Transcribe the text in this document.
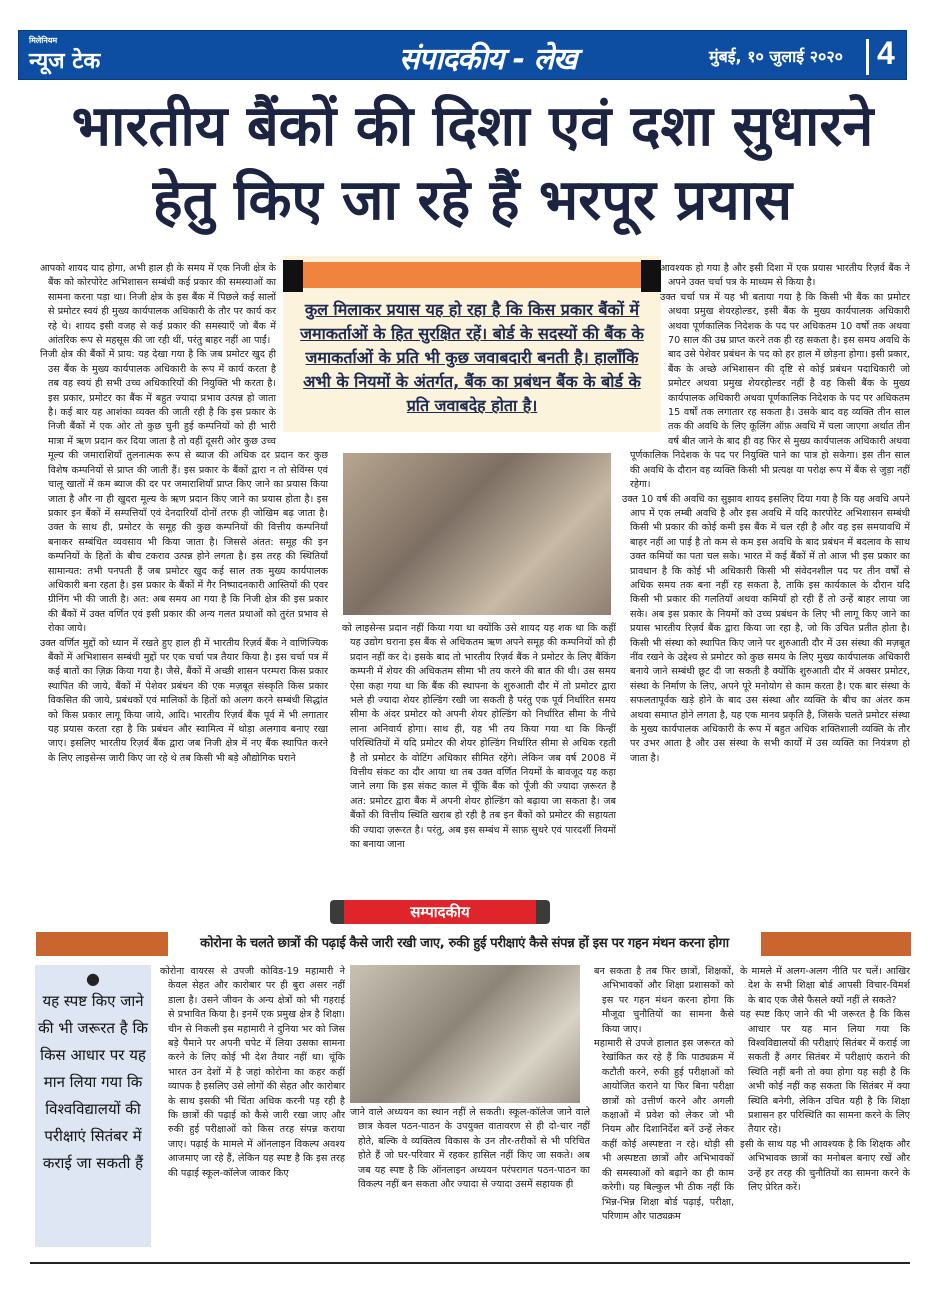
मिलेनियम
न्यूज टेक	संपादकीय - लेख	मुंबई, १० जुलाई २०२० 4
भारतीय बैंकों की दिशा एवं दशा सुधारने
हेतु किए जा रहे हैं भरपूर प्रयास

आपको शायद याद होगा, अभी हाल ही के समय में एक निजी क्षेत्र के बैंक को कोरपोरेट अभिशासन सम्बंधी कई प्रकार की समस्याओं का सामना करना पड़ा था। निजी क्षेत्र के इस बैंक में पिछले कई सालों से प्रमोटर स्वयं ही मुख्य कार्यपालक अधिकारी के तौर पर कार्य कर रहे थे। शायद इसी वजह से कई प्रकार की समस्याएँ जो बैंक में आंतरिक रूप से महसूस की जा रही थीं, परंतु बाहर नहीं आ पाईं।

निजी क्षेत्र की बैंकों में प्राय: यह देखा गया है कि जब प्रमोटर खुद ही उस बैंक के मुख्य कार्यपालक अधिकारी के रूप में कार्य करता है तब वह स्वयं ही सभी उच्च अधिकारियों की नियुक्ति भी करता है। इस प्रकार, प्रमोटर का बैंक में बहुत ज्यादा प्रभाव उत्पन्न हो जाता है। कई बार यह आशंका व्यक्त की जाती रही है कि इस प्रकार के निजी बैंकों में एक ओर तो कुछ चुनी हुई कम्पनियों को ही भारी मात्रा में ऋण प्रदान कर दिया जाता है तो वहीं दूसरी ओर कुछ उच्च मूल्य की जमाराशियाँ तुलनात्मक रूप से ब्याज की अधिक दर प्रदान कर कुछ विशेष कम्पनियों से प्राप्त की जाती हैं। इस प्रकार के बैंकों द्वारा न तो सेविंग्स एवं चालू खातों में कम ब्याज की दर पर जमाराशियाँ प्राप्त किए जाने का प्रयास किया जाता है और ना ही खुदरा मूल्य के ऋण प्रदान किए जाने का प्रयास होता है। इस प्रकार इन बैंकों में सम्पत्तियाँ एवं देनदारियाँ दोनों तरफ ही जोखिम बढ़ जाता है। उक्त के साथ ही, प्रमोटर के समूह की कुछ कम्पनियों की वित्तीय कम्पनियाँ बनाकर सम्बंधित व्यवसाय भी किया जाता है। जिससे अंतत: समूह की इन कम्पनियों के हितों के बीच टकराव उत्पन्न होने लगता है। इस तरह की स्थितियाँ सामान्यत: तभी पनपती हैं जब प्रमोटर खुद कई साल तक मुख्य कार्यपालक अधिकारी बना रहता है। इस प्रकार के बैंकों में गैर निष्पादनकारी आस्तियों की एवर ग्रीनिंग भी की जाती है। अत: अब समय आ गया है कि निजी क्षेत्र की इस प्रकार की बैंकों में उक्त वर्णित एवं इसी प्रकार की अन्य गलत प्रथाओं को तुरंत प्रभाव से रोका जाये।

उक्त वर्णित मुद्दों को ध्यान में रखते हुए हाल ही में भारतीय रिज़र्व बैंक ने वाणिज्यिक बैंकों में अभिशासन सम्बंधी मुद्दों पर एक चर्चा पत्र तैयार किया है। इस चर्चा पत्र में कई बातों का ज़िक्र किया गया है। जैसे, बैंकों में अच्छी शासन परम्परा किस प्रकार स्थापित की जाये, बैंकों में पेशेवर प्रबंधन की एक मज़बूत संस्कृति किस प्रकार विकसित की जाये, प्रबंधकों एवं मालिकों के हितों को अलग करने सम्बंधी सिद्धांत को किस प्रकार लागू किया जाये, आदि। भारतीय रिज़र्व बैंक पूर्व में भी लगातार यह प्रयास करता रहा है कि प्रबंधन और स्वामित्व में थोड़ा अलगाव बनाए रखा जाए। इसलिए भारतीय रिज़र्व बैंक द्वारा जब निजी क्षेत्र में नए बैंक स्थापित करने के लिए लाइसेन्स जारी किए जा रहे थे तब किसी भी बड़े औद्योगिक घराने

कुल मिलाकर प्रयास यह हो रहा है कि किस प्रकार बैंकों में जमाकर्ताओं के हित सुरक्षित रहें। बोर्ड के सदस्यों की बैंक के जमाकर्ताओं के प्रति भी कुछ जवाबदारी बनती है। हालाँकि अभी के नियमों के अंतर्गत, बैंक का प्रबंधन बैंक के बोर्ड के प्रति जवाबदेह होता है।

को लाइसेन्स प्रदान नहीं किया गया था क्योंकि उसे शायद यह शक था कि कहीं यह उद्योग घराना इस बैंक से अधिकतम ऋण अपने समूह की कम्पनियों को ही प्रदान नहीं कर दे। इसके बाद तो भारतीय रिज़र्व बैंक ने प्रमोटर के लिए बैंकिंग कम्पनी में शेयर की अधिकतम सीमा भी तय करने की बात की थी। उस समय ऐसा कहा गया था कि बैंक की स्थापना के शुरुआती दौर में तो प्रमोटर द्वारा भले ही ज्यादा शेयर होल्डिंग रखी जा सकती है परंतु एक पूर्व निर्धारित समय सीमा के अंदर प्रमोटर को अपनी शेयर होल्डिंग को निर्धारित सीमा के नीचे लाना अनिवार्य होगा। साथ ही, यह भी तय किया गया था कि किन्हीं परिस्थितियों में यदि प्रमोटर की शेयर होल्डिंग निर्धारित सीमा से अधिक रहती है तो प्रमोटर के वोटिंग अधिकार सीमित रहेंगे। लेकिन जब वर्ष 2008 में वित्तीय संकट का दौर आया था तब उक्त वर्णित नियमों के बावजूद यह कहा जाने लगा कि इस संकट काल में चूँकि बैंक को पूँजी की ज्यादा ज़रूरत है अत: प्रमोटर द्वारा बैंक में अपनी शेयर होल्डिंग को बढ़ाया जा सकता है। जब बैंकों की वित्तीय स्थिति खराब हो रही है तब इन बैंकों को प्रमोटर की सहायता की ज्यादा ज़रूरत है। परंतु, अब इस सम्बंध में साफ़ सुथरे एवं पारदर्शी नियमों का बनाया जाना

आवश्यक हो गया है और इसी दिशा में एक प्रयास भारतीय रिज़र्व बैंक ने अपने उक्त चर्चा पत्र के माध्यम से किया है।

उक्त चर्चा पत्र में यह भी बताया गया है कि किसी भी बैंक का प्रमोटर अथवा प्रमुख शेयरहोल्डर, इसी बैंक के मुख्य कार्यपालक अधिकारी अथवा पूर्णकालिक निदेशक के पद पर अधिकतम 10 वर्षों तक अथवा 70 साल की उम्र प्राप्त करने तक ही रह सकता है। इस समय अवधि के बाद उसे पेशेवर प्रबंधन के पद को हर हाल में छोड़ना होगा। इसी प्रकार, बैंक के अच्छे अभिशासन की दृष्टि से कोई प्रबंधन पदाधिकारी जो प्रमोटर अथवा प्रमुख शेयरहोल्डर नहीं है वह किसी बैंक के मुख्य कार्यपालक अधिकारी अथवा पूर्णकालिक निदेशक के पद पर अधिकतम 15 वर्षों तक लगातार रह सकता है। उसके बाद वह व्यक्ति तीन साल तक की अवधि के लिए कूलिंग ऑफ़ अवधि में चला जाएगा अर्थात तीन वर्ष बीत जाने के बाद ही वह फिर से मुख्य कार्यपालक अधिकारी अथवा पूर्णकालिक निदेशक के पद पर नियुक्ति पाने का पात्र हो सकेगा। इस तीन साल की अवधि के दौरान वह व्यक्ति किसी भी प्रत्यक्ष या परोक्ष रूप में बैंक से जुड़ा नहीं रहेगा।

उक्त 10 वर्ष की अवधि का सुझाव शायद इसलिए दिया गया है कि यह अवधि अपने आप में एक लम्बी अवधि है और इस अवधि में यदि कारपोरेट अभिशासन सम्बंधी किसी भी प्रकार की कोई कमी इस बैंक में चल रही है और वह इस समयावधि में बाहर नहीं आ पाई है तो कम से कम इस अवधि के बाद प्रबंधन में बदलाव के साथ उक्त कमियों का पता चल सके। भारत में कई बैंकों में तो आज भी इस प्रकार का प्रावधान है कि कोई भी अधिकारी किसी भी संवेदनशील पद पर तीन वर्षों से अधिक समय तक बना नहीं रह सकता है, ताकि इस कार्यकाल के दौरान यदि किसी भी प्रकार की गलतियाँ अथवा कमियाँ हो रही हैं तो उन्हें बाहर लाया जा सके। अब इस प्रकार के नियमों को उच्च प्रबंधन के लिए भी लागू किए जाने का प्रयास भारतीय रिज़र्व बैंक द्वारा किया जा रहा है, जो कि उचित प्रतीत होता है। किसी भी संस्था को स्थापित किए जाने पर शुरुआती दौर में उस संस्था की मज़बूत नींव रखने के उद्देश्य से प्रमोटर को कुछ समय के लिए मुख्य कार्यपालक अधिकारी बनाये जाने सम्बंधी छूट दी जा सकती है क्योंकि शुरुआती दौर में अक्सर प्रमोटर, संस्था के निर्माण के लिए, अपने पूरे मनोयोग से काम करता है। एक बार संस्था के सफलतापूर्वक खड़े होने के बाद उस संस्था और व्यक्ति के बीच का अंतर कम अथवा समाप्त होने लगता है, यह एक मानव प्रकृति है, जिसके चलते प्रमोटर संस्था के मुख्य कार्यपालक अधिकारी के रूप में बहुत अधिक शक्तिशाली व्यक्ति के तौर पर उभर आता है और उस संस्था के सभी कार्यों में उस व्यक्ति का नियंत्रण हो जाता है।

सम्पादकीय
कोरोना के चलते छात्रों की पढ़ाई कैसे जारी रखी जाए, रुकी हुई परीक्षाएं कैसे संपन्न हों इस पर गहन मंथन करना होगा
●
यह स्पष्ट किए जाने की भी जरूरत है कि किस आधार पर यह मान लिया गया कि विश्वविद्यालयों की परीक्षाएं सितंबर में कराई जा सकती हैं

कोरोना वायरस से उपजी कोविड-19 महामारी ने केवल सेहत और कारोबार पर ही बुरा असर नहीं डाला है। उसने जीवन के अन्य क्षेत्रों को भी गहराई से प्रभावित किया है। इनमें एक प्रमुख क्षेत्र है शिक्षा। चीन से निकली इस महामारी ने दुनिया भर को जिस बड़े पैमाने पर अपनी चपेट में लिया उसका सामना करने के लिए कोई भी देश तैयार नहीं था। चूंकि भारत उन देशों में है जहां कोरोना का कहर कहीं व्यापक है इसलिए उसे लोगों की सेहत और कारोबार के साथ इसकी भी चिंता अधिक करनी पड़ रही है कि छात्रों की पढ़ाई को कैसे जारी रखा जाए और रुकी हुई परीक्षाओं को किस तरह संपन्न कराया जाए। पढ़ाई के मामले में ऑनलाइन विकल्प अवश्य आजमाए जा रहे हैं, लेकिन यह स्पष्ट है कि इस तरह की पढ़ाई स्कूल-कॉलेज जाकर किए

जाने वाले अध्ययन का स्थान नहीं ले सकती। स्कूल-कॉलेज जाने वाले छात्र केवल पठन-पाठन के उपयुक्त वातावरण से ही दो-चार नहीं होते, बल्कि वे व्यक्तित्व विकास के उन तौर-तरीकों से भी परिचित होते हैं जो घर-परिवार में रहकर हासिल नहीं किए जा सकते। अब जब यह स्पष्ट है कि ऑनलाइन अध्ययन परंपरागत पठन-पाठन का विकल्प नहीं बन सकता और ज्यादा से ज्यादा उसमें सहायक ही

बन सकता है तब फिर छात्रों, शिक्षकों, अभिभावकों और शिक्षा प्रशासकों को इस पर गहन मंथन करना होगा कि मौजूदा चुनौतियों का सामना कैसे किया जाए।

महामारी से उपजे हालात इस जरूरत को रेखांकित कर रहे हैं कि पाठ्यक्रम में कटौती करने, रुकी हुई परीक्षाओं को आयोजित कराने या फिर बिना परीक्षा छात्रों को उत्तीर्ण करने और अगली कक्षाओं में प्रवेश को लेकर जो भी नियम और दिशानिर्देश बनें उन्हें लेकर कहीं कोई अस्पष्टता न रहे। थोड़ी सी भी अस्पष्टता छात्रों और अभिभावकों की समस्याओं को बढ़ाने का ही काम करेगी। यह बिल्कुल भी ठीक नहीं कि भिन्न-भिन्न शिक्षा बोर्ड पढ़ाई, परीक्षा, परिणाम और पाठ्यक्रम

के मामले में अलग-अलग नीति पर चलें। आखिर देश के सभी शिक्षा बोर्ड आपसी विचार-विमर्श के बाद एक जैसे फैसले क्यों नहीं ले सकते?

यह स्पष्ट किए जाने की भी जरूरत है कि किस आधार पर यह मान लिया गया कि विश्वविद्यालयों की परीक्षाएं सितंबर में कराई जा सकती हैं अगर सितंबर में परीक्षाएं कराने की स्थिति नहीं बनी तो क्या होगा यह सही है कि अभी कोई नहीं कह सकता कि सितंबर में क्या स्थिति बनेगी, लेकिन उचित यही है कि शिक्षा प्रशासन हर परिस्थिति का सामना करने के लिए तैयार रहे।

इसी के साथ यह भी आवश्यक है कि शिक्षक और अभिभावक छात्रों का मनोबल बनाए रखें और उन्हें हर तरह की चुनौतियों का सामना करने के लिए प्रेरित करें।
